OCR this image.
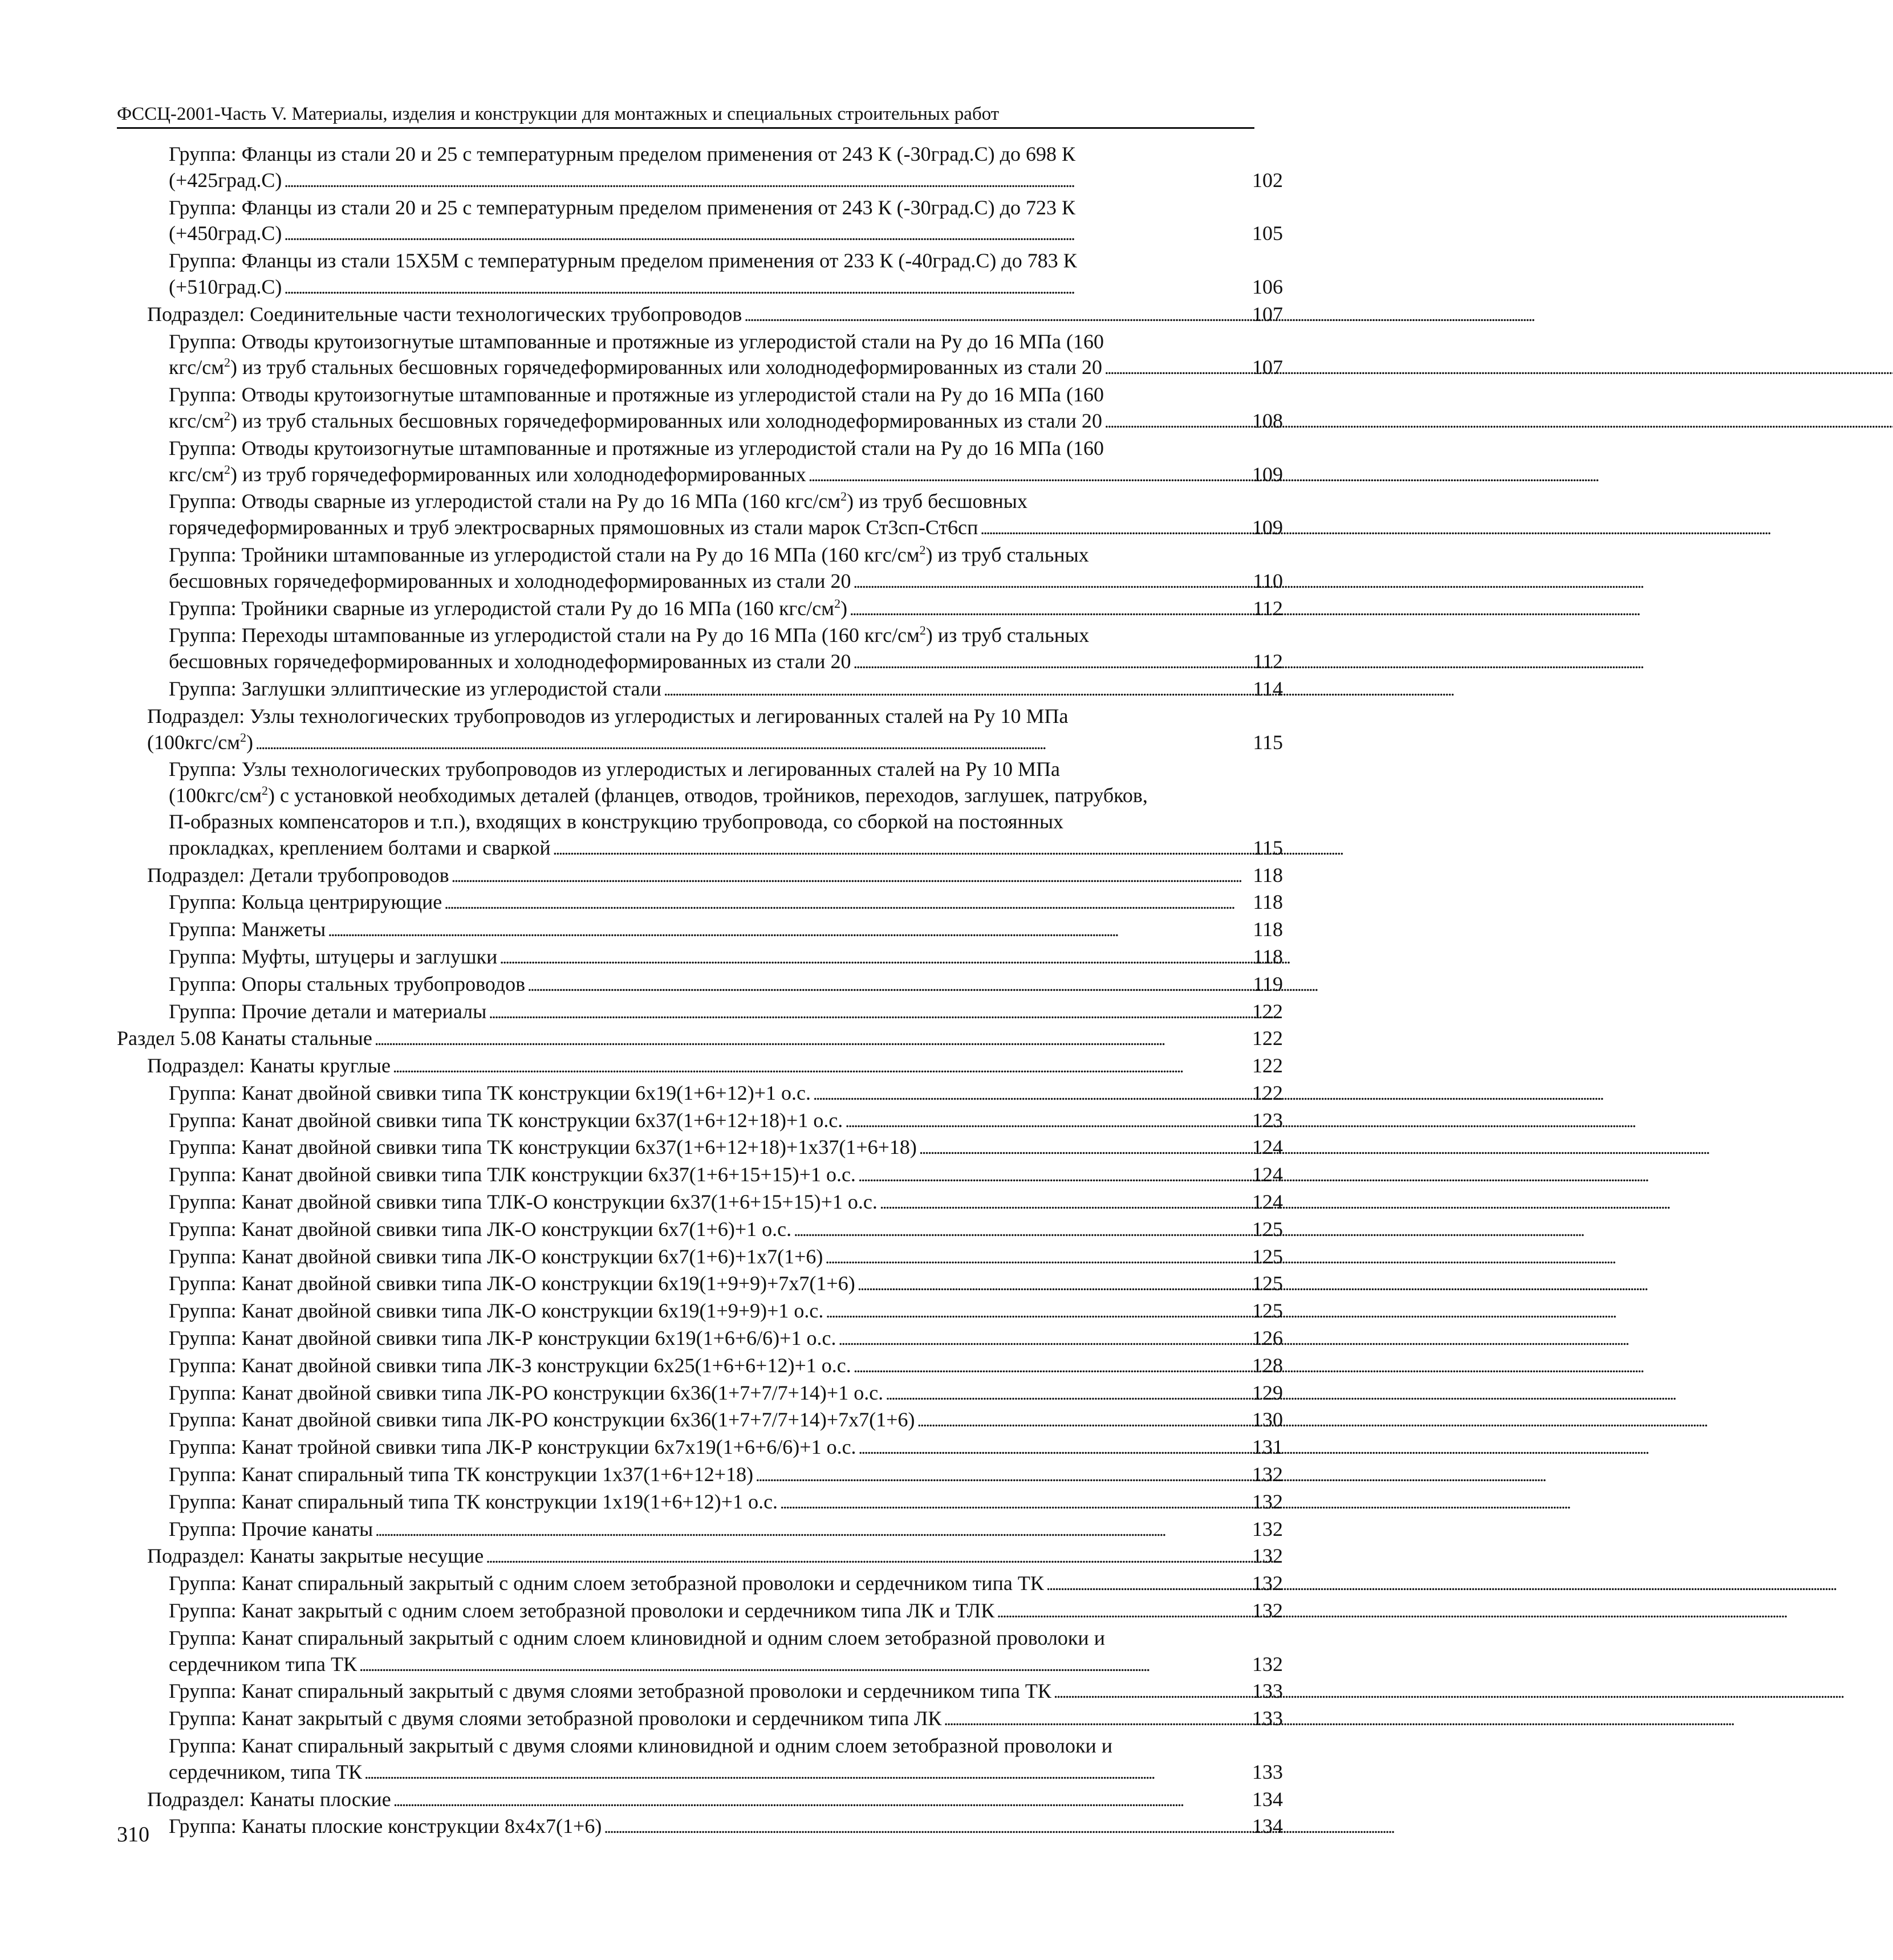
ФССЦ-2001-Часть V. Материалы, изделия и конструкции для монтажных и специальных строительных работ
Группа: Фланцы из стали 20 и 25 с температурным пределом применения от 243 К (-30град.С) до 698 К
(+425град.С) . . .	102
Группа: Фланцы из стали 20 и 25 с температурным пределом применения от 243 К (-30град.С) до 723 К
(+450град.С) . . .	105
Группа: Фланцы из стали 15Х5М с температурным пределом применения от 233 К (-40град.С) до 783 К
(+510град.С) . . .	106
Подраздел: Соединительные части технологических трубопроводов . . .	107
Группа: Отводы крутоизогнутые штампованные и протяжные из углеродистой стали на Ру до 16 МПа (160
кгс/$см^2$) из труб стальных бесшовных горячедеформированных или холоднодеформированных из стали 20 . . .	107
Группа: Отводы крутоизогнутые штампованные и протяжные из углеродистой стали на Ру до 16 МПа (160
кгс/$см^2$) из труб стальных бесшовных горячедеформированных или холоднодеформированных из стали 20 . . .	108
Группа: Отводы крутоизогнутые штампованные и протяжные из углеродистой стали на Ру до 16 МПа (160
кгс/$см^2$) из труб горячедеформированных или холоднодеформированных . . .	109
Группа: Отводы сварные из углеродистой стали на Ру до 16 МПа (160 кгс/$см^2$) из труб бесшовных
горячедеформированных и труб электросварных прямошовных из стали марок Ст3сп-Ст6сп . . .	109
Группа: Тройники штампованные из углеродистой стали на Ру до 16 МПа (160 кгс/$см^2$) из труб стальных
бесшовных горячедеформированных и холоднодеформированных из стали 20 . . .	110
Группа: Тройники сварные из углеродистой стали Ру до 16 МПа (160 кгс/$см^2$) . . .	112
Группа: Переходы штампованные из углеродистой стали на Ру до 16 МПа (160 кгс/$см^2$) из труб стальных
бесшовных горячедеформированных и холоднодеформированных из стали 20 . . .	112
Группа: Заглушки эллиптические из углеродистой стали . . .	114
Подраздел: Узлы технологических трубопроводов из углеродистых и легированных сталей на Ру 10 МПа
$(100кгс/см^2)$ . . .	115
Группа: Узлы технологических трубопроводов из углеродистых и легированных сталей на Ру 10 МПа
$(100кгс/см^2)$ с установкой необходимых деталей (фланцев, отводов, тройников, переходов, заглушек, патрубков,
П-образных компенсаторов и т.п.), входящих в конструкцию трубопровода, со сборкой на постоянных
прокладках, креплением болтами и сваркой . . .	115
Подраздел: Детали трубопроводов . . .	118
Группа: Кольца центрирующие . . .	118
Группа: Манжеты . . .	118
Группа: Муфты, штуцеры и заглушки . . .	118
Группа: Опоры стальных трубопроводов . . .	119
Группа: Прочие детали и материалы . . .	122
Раздел 5.08 Канаты стальные . . .	122
Подраздел: Канаты круглые . . .	122
Группа: Канат двойной свивки типа ТК конструкции 6х19(1+6+12)+1 о.с. . . .	122
Группа: Канат двойной свивки типа ТК конструкции 6х37(1+6+12+18)+1 о.с. . . .	123
Группа: Канат двойной свивки типа ТК конструкции 6х37(1+6+12+18)+1х37(1+6+18) . . .	124
Группа: Канат двойной свивки типа ТЛК конструкции 6х37(1+6+15+15)+1 о.с. . . .	124
Группа: Канат двойной свивки типа ТЛК-О конструкции 6х37(1+6+15+15)+1 о.с. . . .	124
Группа: Канат двойной свивки типа ЛК-О конструкции 6х7(1+6)+1 о.с. . . .	125
Группа: Канат двойной свивки типа ЛК-О конструкции 6х7(1+6)+1х7(1+6) . . .	125
Группа: Канат двойной свивки типа ЛК-О конструкции 6х19(1+9+9)+7х7(1+6) . . .	125
Группа: Канат двойной свивки типа ЛК-О конструкции 6х19(1+9+9)+1 о.с. . . .	125
Группа: Канат двойной свивки типа ЛК-Р конструкции 6х19(1+6+6/6)+1 о.с. . . .	126
Группа: Канат двойной свивки типа ЛК-З конструкции 6х25(1+6+6+12)+1 о.с. . . .	128
Группа: Канат двойной свивки типа ЛК-РО конструкции 6х36(1+7+7/7+14)+1 о.с. . . .	129
Группа: Канат двойной свивки типа ЛК-РО конструкции 6х36(1+7+7/7+14)+7х7(1+6) . . .	130
Группа: Канат тройной свивки типа ЛК-Р конструкции 6х7х19(1+6+6/6)+1 о.с. . . .	131
Группа: Канат спиральный типа ТК конструкции 1х37(1+6+12+18) . . .	132
Группа: Канат спиральный типа ТК конструкции 1х19(1+6+12)+1 о.с. . . .	132
Группа: Прочие канаты . . .	132
Подраздел: Канаты закрытые несущие . . .	132
Группа: Канат спиральный закрытый с одним слоем зетобразной проволоки и сердечником типа ТК . . .	132
Группа: Канат закрытый с одним слоем зетобразной проволоки и сердечником типа ЛК и ТЛК . . .	132
Группа: Канат спиральный закрытый с одним слоем клиновидной и одним слоем зетобразной проволоки и
сердечником типа ТК . . .	132
Группа: Канат спиральный закрытый с двумя слоями зетобразной проволоки и сердечником типа ТК . . .	133
Группа: Канат закрытый с двумя слоями зетобразной проволоки и сердечником типа ЛК . . .	133
Группа: Канат спиральный закрытый с двумя слоями клиновидной и одним слоем зетобразной проволоки и
сердечником, типа ТК . . .	133
Подраздел: Канаты плоские . . .	134
Группа: Канаты плоские конструкции 8х4х7(1+6) . . .	134
310
